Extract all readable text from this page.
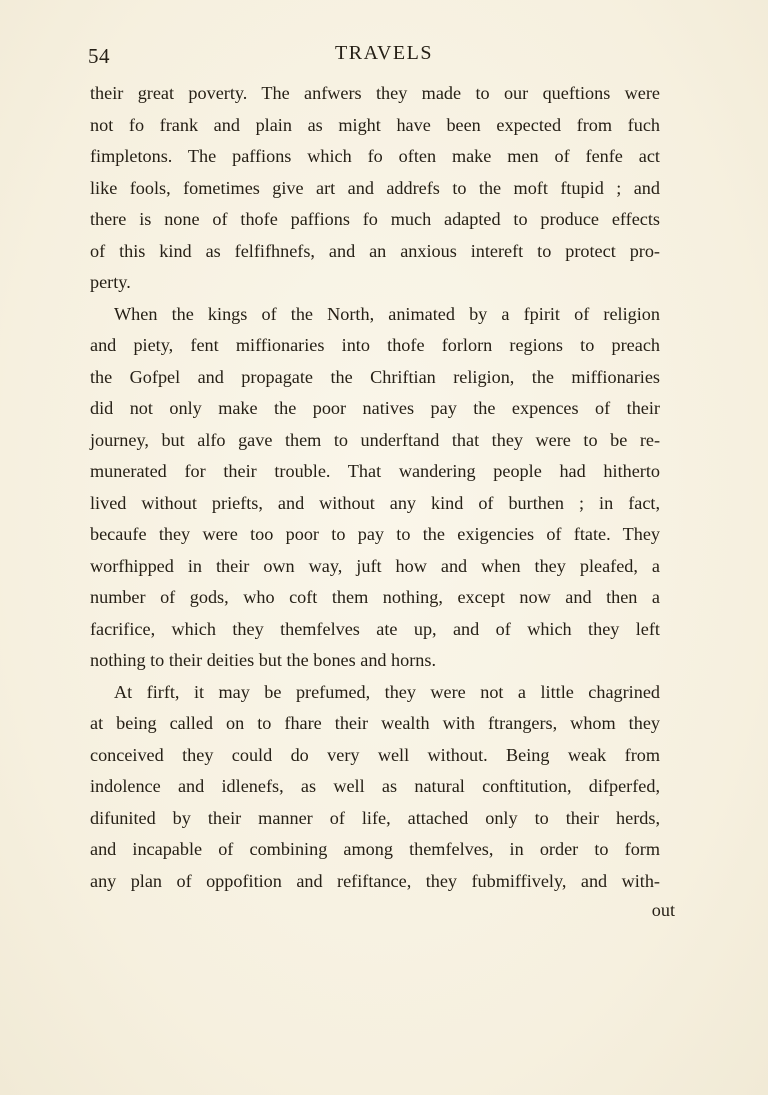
54	TRAVELS
their great poverty. The anfwers they made to our queftions were
not fo frank and plain as might have been expected from fuch
fimpletons. The paffions which fo often make men of fenfe act
like fools, fometimes give art and addrefs to the moft ftupid ; and
there is none of thofe paffions fo much adapted to produce effects
of this kind as felfifhnefs, and an anxious intereft to protect pro-
perty.
When the kings of the North, animated by a fpirit of religion
and piety, fent miffionaries into thofe forlorn regions to preach
the Gofpel and propagate the Chriftian religion, the miffionaries
did not only make the poor natives pay the expences of their
journey, but alfo gave them to underftand that they were to be re-
munerated for their trouble. That wandering people had hitherto
lived without priefts, and without any kind of burthen ; in fact,
becaufe they were too poor to pay to the exigencies of ftate. They
worfhipped in their own way, juft how and when they pleafed, a
number of gods, who coft them nothing, except now and then a
facrifice, which they themfelves ate up, and of which they left
nothing to their deities but the bones and horns.
At firft, it may be prefumed, they were not a little chagrined
at being called on to fhare their wealth with ftrangers, whom they
conceived they could do very well without. Being weak from
indolence and idlenefs, as well as natural conftitution, difperfed,
difunited by their manner of life, attached only to their herds,
and incapable of combining among themfelves, in order to form
any plan of oppofition and refiftance, they fubmiffively, and with-
out
